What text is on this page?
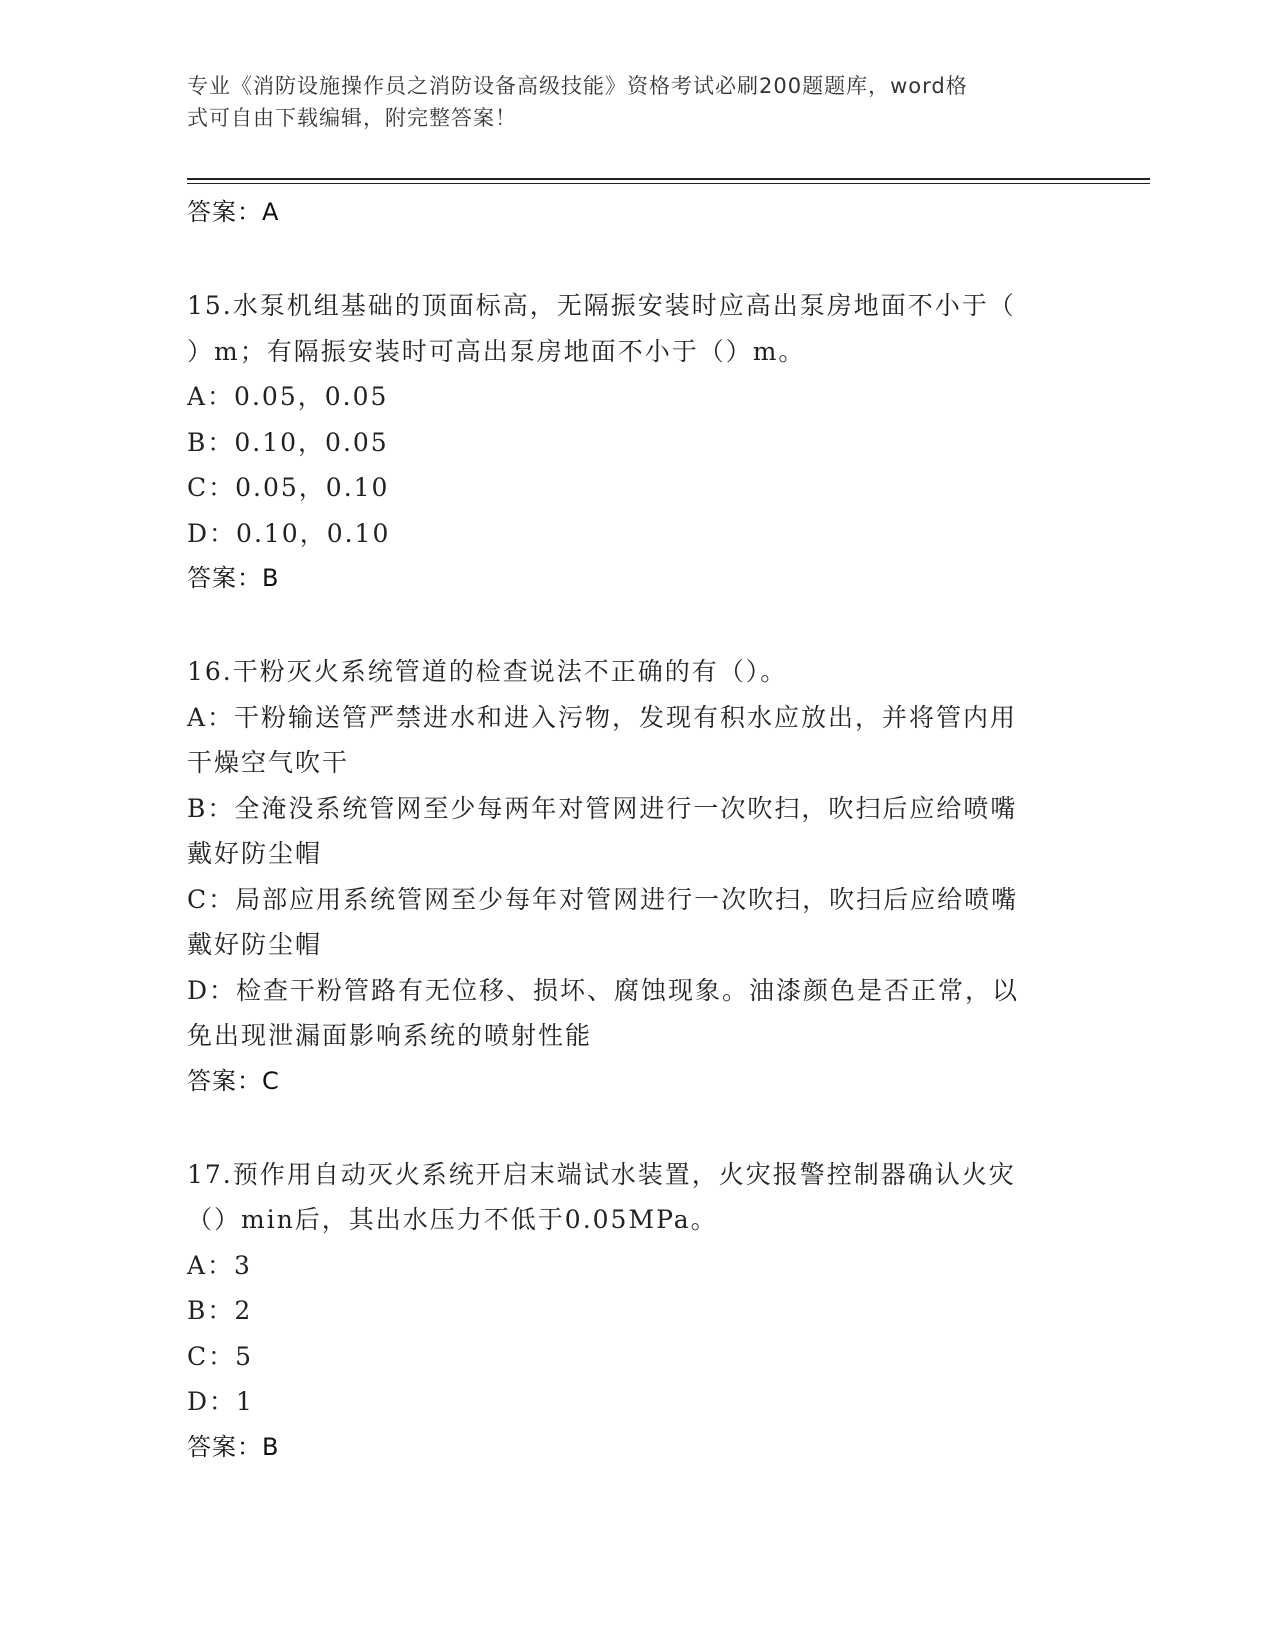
专业《消防设施操作员之消防设备高级技能》资格考试必刷200题题库，word格

式可自由下载编辑，附完整答案！

答案：A
15.水泵机组基础的顶面标高，无隔振安装时应高出泵房地面不小于（
）m；有隔振安装时可高出泵房地面不小于（）m。
A：0.05，0.05
B：0.10，0.05
C：0.05，0.10
D：0.10，0.10
答案：B
16.干粉灭火系统管道的检查说法不正确的有（）。
A：干粉输送管严禁进水和进入污物，发现有积水应放出，并将管内用
干燥空气吹干
B：全淹没系统管网至少每两年对管网进行一次吹扫，吹扫后应给喷嘴
戴好防尘帽
C：局部应用系统管网至少每年对管网进行一次吹扫，吹扫后应给喷嘴
戴好防尘帽
D：检查干粉管路有无位移、损坏、腐蚀现象。油漆颜色是否正常，以
免出现泄漏面影响系统的喷射性能
答案：C
17.预作用自动灭火系统开启末端试水装置，火灾报警控制器确认火灾
（）min后，其出水压力不低于0.05MPa。
A：3
B：2
C：5
D：1
答案：B
